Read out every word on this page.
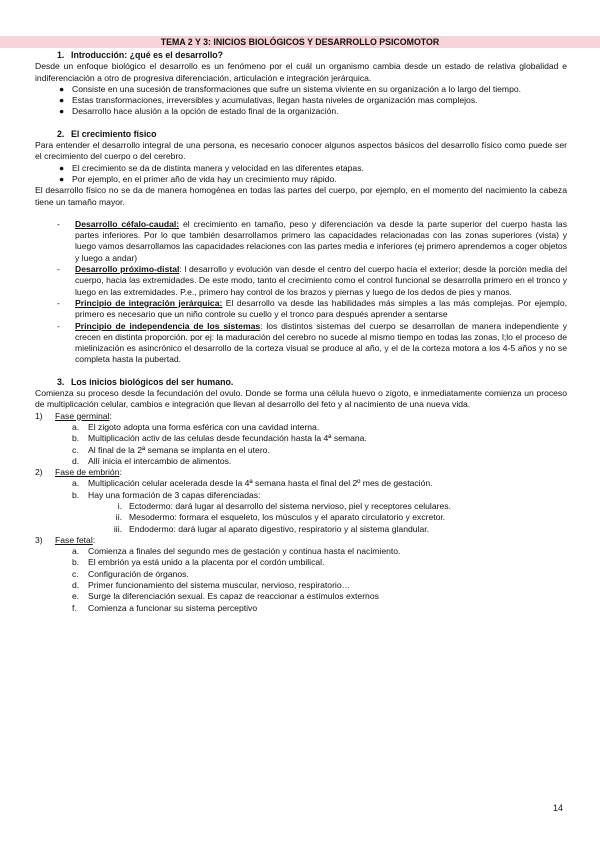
TEMA 2 Y 3: INICIOS BIOLÓGICOS Y DESARROLLO PSICOMOTOR
1. Introducción: ¿qué es el desarrollo?

Desde un enfoque biológico el desarrollo es un fenómeno por el cuál un organismo cambia desde un estado de relativa globalidad e indiferenciación a otro de progresiva diferenciación, articulación e integración jerárquica.

● Consiste en una sucesión de transformaciones que sufre un sistema viviente en su organización a lo largo del tiempo.
● Estas transformaciones, irreversibles y acumulativas, llegan hasta niveles de organización mas complejos.
● Desarrollo hace alusión a la opción de estado final de la organización.
2. El crecimiento físico

Para entender el desarrollo integral de una persona, es necesario conocer algunos aspectos básicos del desarrollo físico como puede ser el crecimiento del cuerpo o del cerebro.

● El crecimiento se da de distinta manera y velocidad en las diferentes etapas.
● Por ejemplo, en el primer año de vida hay un crecimiento muy rápido.

El desarrollo físico no se da de manera homogénea en todas las partes del cuerpo, por ejemplo, en el momento del nacimiento la cabeza tiene un tamaño mayor.

- Desarrollo céfalo-caudal: el crecimiento en tamaño, peso y diferenciación va desde la parte superior del cuerpo hasta las partes inferiores. Por lo que también desarrollamos primero las capacidades relacionadas con las zonas superiores (vista) y luego vamos desarrollamos las capacidades relaciones con las partes media e inferiores (ej primero aprendemos a coger objetos y luego a andar)
- Desarrollo próximo-distal: l desarrollo y evolución van desde el centro del cuerpo hacia el exterior; desde la porción media del cuerpo, hacia las extremidades. De este modo, tanto el crecimiento como el control funcional se desarrolla primero en el tronco y luego en las extremidades. P.e., primero hay control de los brazos y piernas y luego de los dedos de pies y manos.
- Principio de integración jerárquica: El desarrollo va desde las habilidades más simples a las más complejas. Por ejemplo, primero es necesario que un niño controle su cuello y el tronco para después aprender a sentarse
- Principio de independencia de los sistemas: los distintos sistemas del cuerpo se desarrollan de manera independiente y crecen en distinta proporción. por ej: la maduración del cerebro no sucede al mismo tiempo en todas las zonas, l;lo el proceso de mielinización es asincrónico el desarrollo de la corteza visual se produce al año, y el de la corteza motora a los 4-5 años y no se completa hasta la pubertad.
3. Los inicios biológicos del ser humano.

Comienza su proceso desde la fecundación del ovulo. Donde se forma una célula huevo o zigoto, e inmediatamente comienza un proceso de multiplicación celular, cambios e integración que llevan al desarrollo del feto y al nacimiento de una nueva vida.

1) Fase germinal:
a. El zigoto adopta una forma esférica con una cavidad interna.
b. Multiplicación activ de las celulas desde fecundación hasta la 4ª semana.
c. Al final de la 2ª semana se implanta en el utero.
d. Allí inicia el intercambio de alimentos.
2) Fase de embrión:
a. Multiplicación celular acelerada desde la 4ª semana hasta el final del 2º mes de gestación.
b. Hay una formación de 3 capas diferenciadas:
i. Ectodermo: dará lugar al desarrollo del sistema nervioso, piel y receptores celulares.
ii. Mesodermo: formara el esqueleto, los músculos y el aparato circulatorio y excretor.
iii. Endodermo: dará lugar al aparato digestivo, respiratorio y al sistema glandular.
3) Fase fetal:
a. Comienza a finales del segundo mes de gestación y continua hasta el nacimiento.
b. El embrión ya está unido a la placenta por el cordón umbilical.
c. Configuración de órganos.
d. Primer funcionamiento del sistema muscular, nervioso, respiratorio…
e. Surge la diferenciación sexual. Es capaz de reaccionar a estímulos externos
f. Comienza a funcionar su sistema perceptivo
14
